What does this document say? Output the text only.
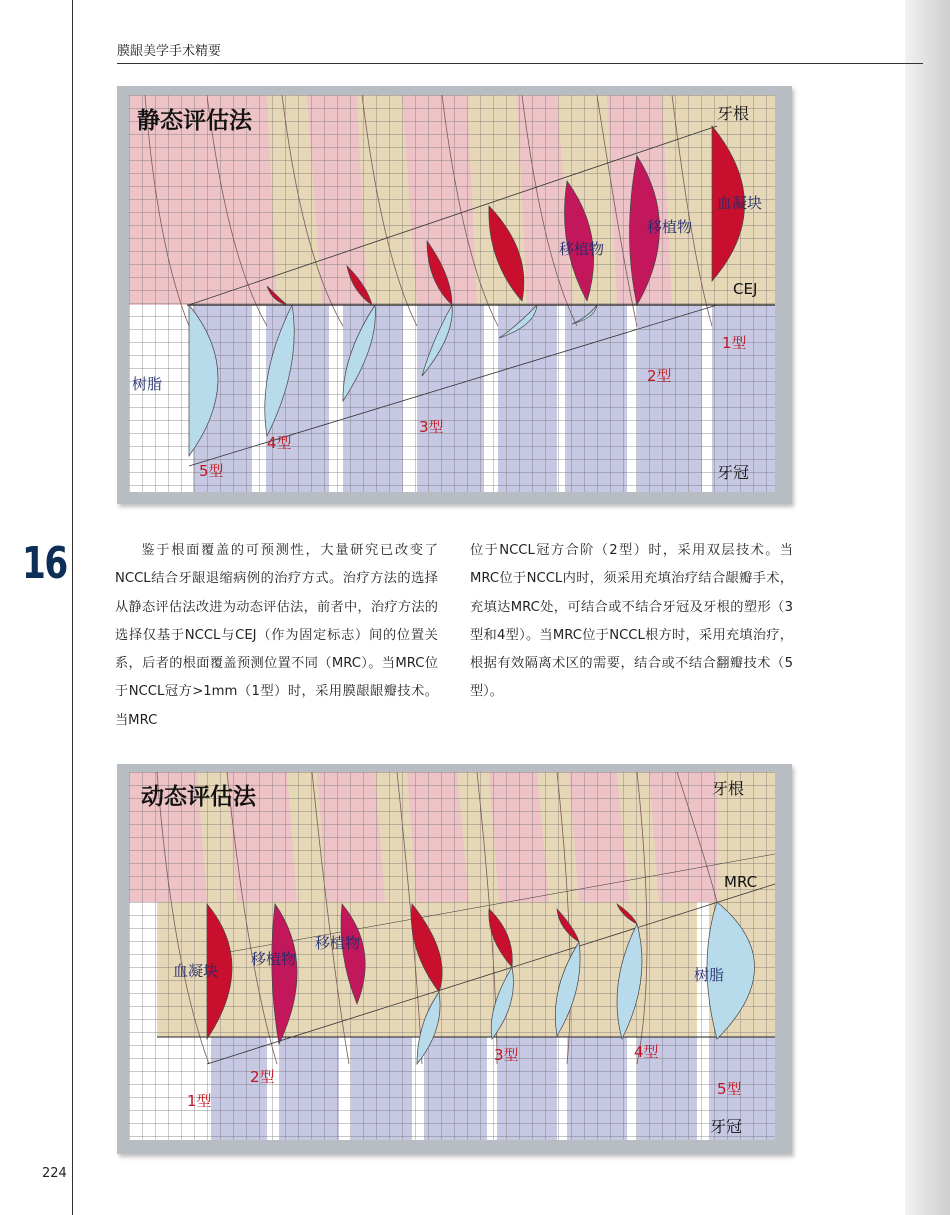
膜龈美学手术精要
16
224
静态评估法	牙根
牙冠
CEJ
血凝块
移植物
移植物
树脂
1型
2型
3型
4型
5型
鉴于根面覆盖的可预测性，大量研究已改变了NCCL结合牙龈退缩病例的治疗方式。治疗方法的选择从静态评估法改进为动态评估法，前者中，治疗方法的选择仅基于NCCL与CEJ（作为固定标志）间的位置关系，后者的根面覆盖预测位置不同（MRC）。当MRC位于NCCL冠方>1mm（1型）时，采用膜龈龈瓣技术。当MRC
位于NCCL冠方合阶（2型）时，采用双层技术。当MRC位于NCCL内时，须采用充填治疗结合龈瓣手术，充填达MRC处，可结合或不结合牙冠及牙根的塑形（3型和4型）。当MRC位于NCCL根方时，采用充填治疗，根据有效隔离术区的需要，结合或不结合翻瓣技术（5型）。
动态评估法	牙根
牙冠
MRC
血凝块
移植物
移植物
树脂
1型
2型
3型	4型
5型
